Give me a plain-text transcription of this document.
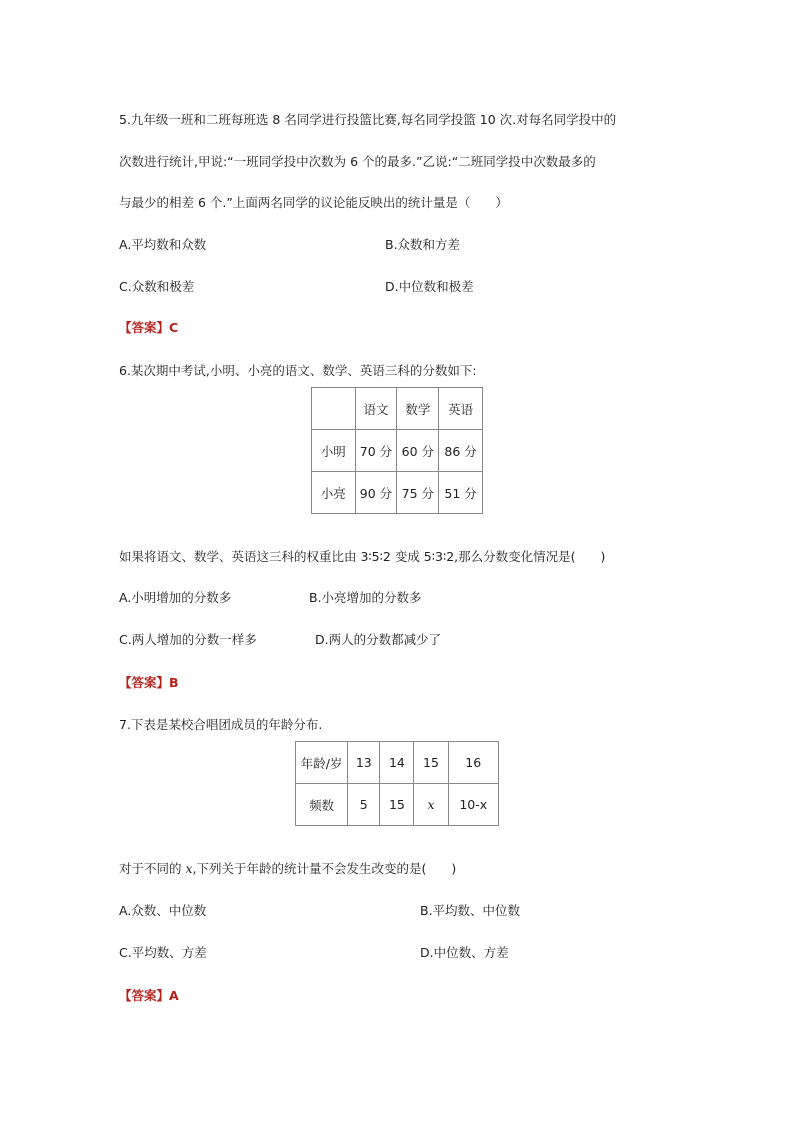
5.九年级一班和二班每班选 8 名同学进行投篮比赛,每名同学投篮 10 次.对每名同学投中的
次数进行统计,甲说:“一班同学投中次数为 6 个的最多.”乙说:“二班同学投中次数最多的
与最少的相差 6 个.”上面两名同学的议论能反映出的统计量是（　　）
A.平均数和众数	B.众数和方差
C.众数和极差	D.中位数和极差
【答案】C
6.某次期中考试,小明、小亮的语文、数学、英语三科的分数如下:
	语文	数学	英语
小明	70 分	60 分	86 分
小亮	90 分	75 分	51 分
如果将语文、数学、英语这三科的权重比由 3∶5∶2 变成 5∶3∶2,那么分数变化情况是(　　)
A.小明增加的分数多	B.小亮增加的分数多
C.两人增加的分数一样多	D.两人的分数都减少了
【答案】B
7.下表是某校合唱团成员的年龄分布.
年龄/岁	13	14	15	16
频数	5	15	x	10-x
对于不同的 x,下列关于年龄的统计量不会发生改变的是(　　)
A.众数、中位数	B.平均数、中位数
C.平均数、方差	D.中位数、方差
【答案】A
